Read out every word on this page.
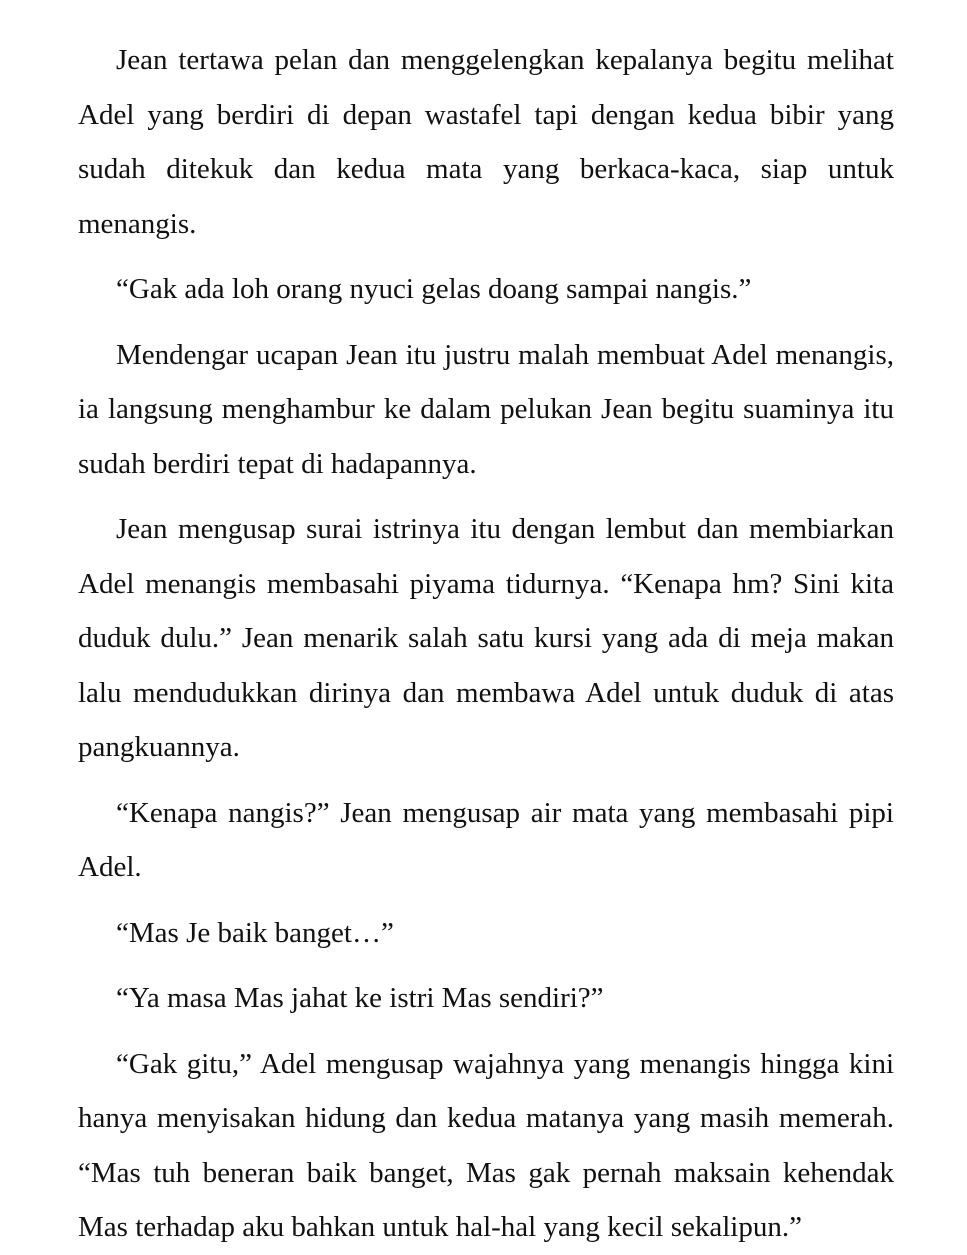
Jean tertawa pelan dan menggelengkan kepalanya begitu melihat Adel yang berdiri di depan wastafel tapi dengan kedua bibir yang sudah ditekuk dan kedua mata yang berkaca-kaca, siap untuk menangis.

“Gak ada loh orang nyuci gelas doang sampai nangis.”

Mendengar ucapan Jean itu justru malah membuat Adel menangis, ia langsung menghambur ke dalam pelukan Jean begitu suaminya itu sudah berdiri tepat di hadapannya.

Jean mengusap surai istrinya itu dengan lembut dan membiarkan Adel menangis membasahi piyama tidurnya. “Kenapa hm? Sini kita duduk dulu.” Jean menarik salah satu kursi yang ada di meja makan lalu mendudukkan dirinya dan membawa Adel untuk duduk di atas pangkuannya.

“Kenapa nangis?” Jean mengusap air mata yang membasahi pipi Adel.

“Mas Je baik banget…”

“Ya masa Mas jahat ke istri Mas sendiri?”

“Gak gitu,” Adel mengusap wajahnya yang menangis hingga kini hanya menyisakan hidung dan kedua matanya yang masih memerah. “Mas tuh beneran baik banget, Mas gak pernah maksain kehendak Mas terhadap aku bahkan untuk hal-hal yang kecil sekalipun.”
